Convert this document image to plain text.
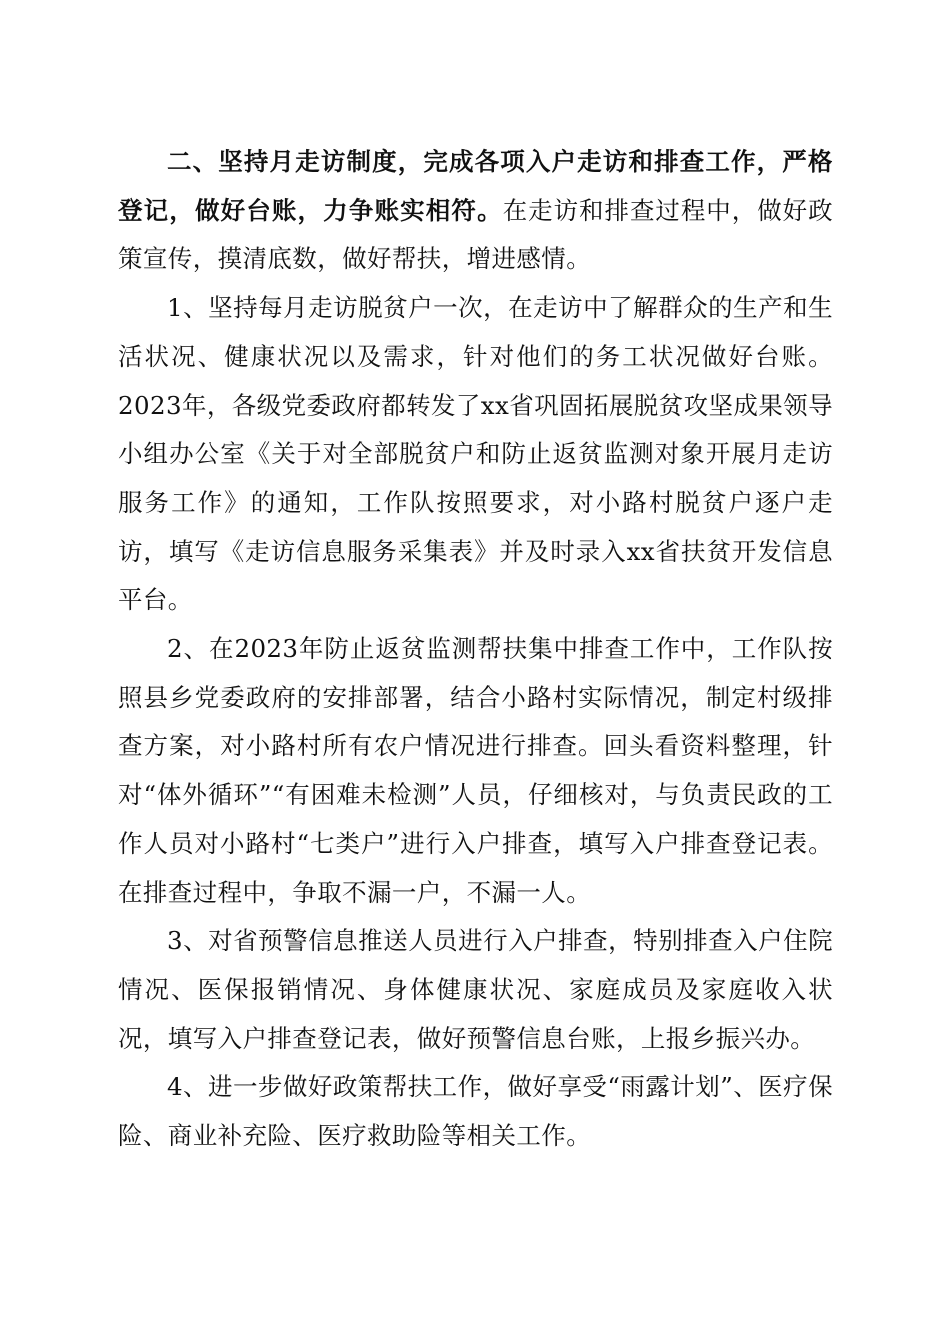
二、坚持月走访制度，完成各项入户走访和排查工作，严格登记，做好台账，力争账实相符。在走访和排查过程中，做好政策宣传，摸清底数，做好帮扶，增进感情。

1、坚持每月走访脱贫户一次，在走访中了解群众的生产和生活状况、健康状况以及需求，针对他们的务工状况做好台账。2023年，各级党委政府都转发了xx省巩固拓展脱贫攻坚成果领导小组办公室《关于对全部脱贫户和防止返贫监测对象开展月走访服务工作》的通知，工作队按照要求，对小路村脱贫户逐户走访，填写《走访信息服务采集表》并及时录入xx省扶贫开发信息平台。

2、在2023年防止返贫监测帮扶集中排查工作中，工作队按照县乡党委政府的安排部署，结合小路村实际情况，制定村级排查方案，对小路村所有农户情况进行排查。回头看资料整理，针对“体外循环”“有困难未检测”人员，仔细核对，与负责民政的工作人员对小路村“七类户”进行入户排查，填写入户排查登记表。在排查过程中，争取不漏一户，不漏一人。

3、对省预警信息推送人员进行入户排查，特别排查入户住院情况、医保报销情况、身体健康状况、家庭成员及家庭收入状况，填写入户排查登记表，做好预警信息台账，上报乡振兴办。

4、进一步做好政策帮扶工作，做好享受“雨露计划”、医疗保险、商业补充险、医疗救助险等相关工作。
